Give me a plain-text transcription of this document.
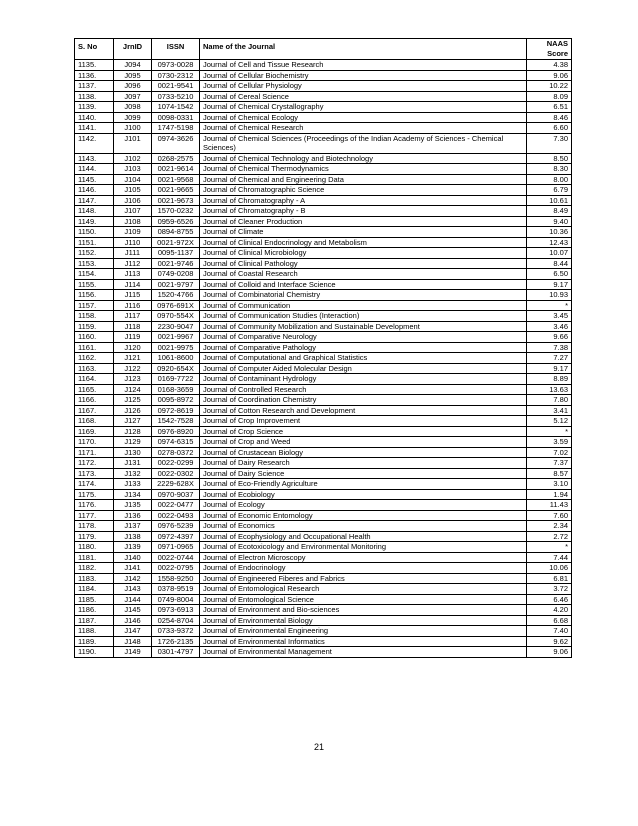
S. No	JrnID	ISSN	Name of the Journal	NAAS
Score

1135.	J094	0973-0028	Journal of Cell and Tissue Research	4.38
1136.	J095	0730-2312	Journal of Cellular Biochemistry	9.06
1137.	J096	0021-9541	Journal of Cellular Physiology	10.22
1138.	J097	0733-5210	Journal of Cereal Science	8.09
1139.	J098	1074-1542	Journal of Chemical Crystallography	6.51
1140.	J099	0098-0331	Journal of Chemical Ecology	8.46
1141.	J100	1747-5198	Journal of Chemical Research	6.60
1142.	J101	0974-3626	Journal of Chemical Sciences (Proceedings of the Indian Academy of Sciences - Chemical Sciences)	7.30
1143.	J102	0268-2575	Journal of Chemical Technology and Biotechnology	8.50
1144.	J103	0021-9614	Journal of Chemical Thermodynamics	8.30
1145.	J104	0021-9568	Journal of Chemical and Engineering Data	8.00
1146.	J105	0021-9665	Journal of Chromatographic Science	6.79
1147.	J106	0021-9673	Journal of Chromatography - A	10.61
1148.	J107	1570-0232	Journal of Chromatography - B	8.49
1149.	J108	0959-6526	Journal of Cleaner Production	9.40
1150.	J109	0894-8755	Journal of Climate	10.36
1151.	J110	0021-972X	Journal of Clinical Endocrinology and Metabolism	12.43
1152.	J111	0095-1137	Journal of Clinical Microbiology	10.07
1153.	J112	0021-9746	Journal of Clinical Pathology	8.44
1154.	J113	0749-0208	Journal of Coastal Research	6.50
1155.	J114	0021-9797	Journal of Colloid and Interface Science	9.17
1156.	J115	1520-4766	Journal of Combinatorial Chemistry	10.93
1157.	J116	0976-691X	Journal of Communication	*
1158.	J117	0970-554X	Journal of Communication Studies (Interaction)	3.45
1159.	J118	2230-9047	Journal of Community Mobilization and Sustainable Development	3.46
1160.	J119	0021-9967	Journal of Comparative Neurology	9.66
1161.	J120	0021-9975	Journal of Comparative Pathology	7.38
1162.	J121	1061-8600	Journal of Computational and Graphical Statistics	7.27
1163.	J122	0920-654X	Journal of Computer Aided Molecular Design	9.17
1164.	J123	0169-7722	Journal of Contaminant Hydrology	8.89
1165.	J124	0168-3659	Journal of Controlled Research	13.63
1166.	J125	0095-8972	Journal of Coordination Chemistry	7.80
1167.	J126	0972-8619	Journal of Cotton Research and Development	3.41
1168.	J127	1542-7528	Journal of Crop Improvement	5.12
1169.	J128	0976-8920	Journal of Crop Science	*
1170.	J129	0974-6315	Journal of Crop and Weed	3.59
1171.	J130	0278-0372	Journal of Crustacean Biology	7.02
1172.	J131	0022-0299	Journal of Dairy Research	7.37
1173.	J132	0022-0302	Journal of Dairy Science	8.57
1174.	J133	2229-628X	Journal of Eco-Friendly Agriculture	3.10
1175.	J134	0970-9037	Journal of Ecobiology	1.94
1176.	J135	0022-0477	Journal of Ecology	11.43
1177.	J136	0022-0493	Journal of Economic Entomology	7.60
1178.	J137	0976-5239	Journal of Economics	2.34
1179.	J138	0972-4397	Journal of Ecophysiology and Occupational Health	2.72
1180.	J139	0971-0965	Journal of Ecotoxicology and Environmental Monitoring	*
1181.	J140	0022-0744	Journal of Electron Microscopy	7.44
1182.	J141	0022-0795	Journal of Endocrinology	10.06
1183.	J142	1558-9250	Journal of Engineered Fiberes and Fabrics	6.81
1184.	J143	0378-9519	Journal of Entomological Research	3.72
1185.	J144	0749-8004	Journal of Entomological Science	6.46
1186.	J145	0973-6913	Journal of Environment and Bio-sciences	4.20
1187.	J146	0254-8704	Journal of Environmental Biology	6.68
1188.	J147	0733-9372	Journal of Environmental Engineering	7.40
1189.	J148	1726-2135	Journal of Environmental Informatics	9.62
1190.	J149	0301-4797	Journal of Environmental Management	9.06
21
